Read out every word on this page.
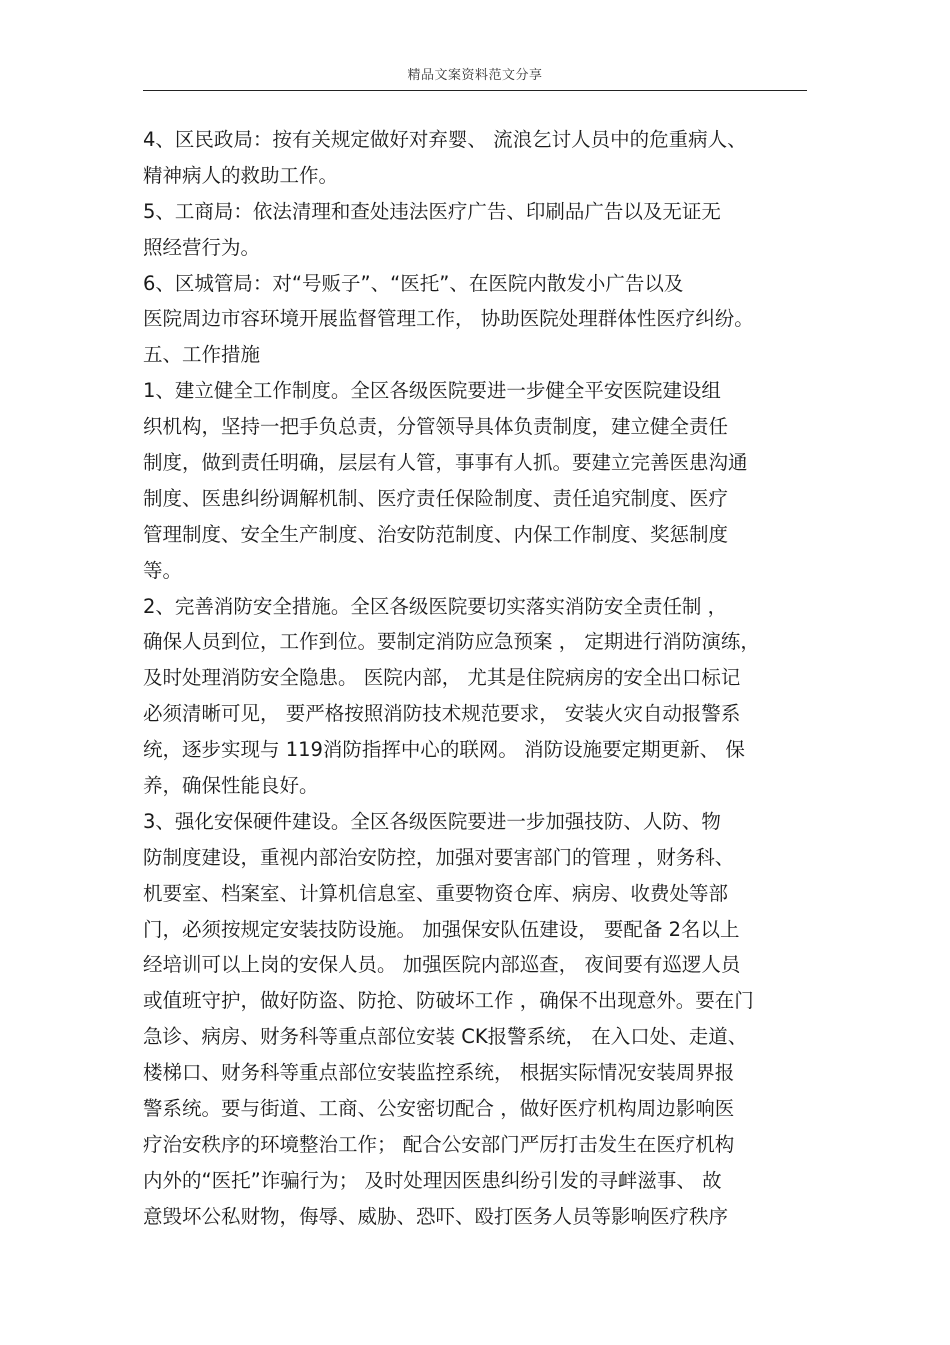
精品文案资料范文分享
4、区民政局：按有关规定做好对弃婴、 流浪乞讨人员中的危重病人、
精神病人的救助工作。
5、工商局：依法清理和查处违法医疗广告、印刷品广告以及无证无
照经营行为。
6、区城管局：对“号贩子”、“医托”、在医院内散发小广告以及
医院周边市容环境开展监督管理工作， 协助医院处理群体性医疗纠纷。
五、工作措施
1、建立健全工作制度。全区各级医院要进一步健全平安医院建设组
织机构，坚持一把手负总责，分管领导具体负责制度，建立健全责任
制度，做到责任明确，层层有人管，事事有人抓。要建立完善医患沟通
制度、医患纠纷调解机制、医疗责任保险制度、责任追究制度、医疗
管理制度、安全生产制度、治安防范制度、内保工作制度、奖惩制度
等。
2、完善消防安全措施。全区各级医院要切实落实消防安全责任制 ，
确保人员到位，工作到位。要制定消防应急预案 ， 定期进行消防演练，
及时处理消防安全隐患。 医院内部， 尤其是住院病房的安全出口标记
必须清晰可见， 要严格按照消防技术规范要求， 安装火灾自动报警系
统，逐步实现与 119消防指挥中心的联网。 消防设施要定期更新、 保
养，确保性能良好。
3、强化安保硬件建设。全区各级医院要进一步加强技防、人防、物
防制度建设，重视内部治安防控，加强对要害部门的管理 ，财务科、
机要室、档案室、计算机信息室、重要物资仓库、病房、收费处等部
门，必须按规定安装技防设施。 加强保安队伍建设， 要配备 2名以上
经培训可以上岗的安保人员。 加强医院内部巡查， 夜间要有巡逻人员
或值班守护，做好防盗、防抢、防破坏工作 ，确保不出现意外。要在门
急诊、病房、财务科等重点部位安装 CK报警系统， 在入口处、走道、
楼梯口、财务科等重点部位安装监控系统， 根据实际情况安装周界报
警系统。要与街道、工商、公安密切配合 ，做好医疗机构周边影响医
疗治安秩序的环境整治工作； 配合公安部门严厉打击发生在医疗机构
内外的“医托”诈骗行为； 及时处理因医患纠纷引发的寻衅滋事、 故
意毁坏公私财物，侮辱、威胁、恐吓、殴打医务人员等影响医疗秩序
